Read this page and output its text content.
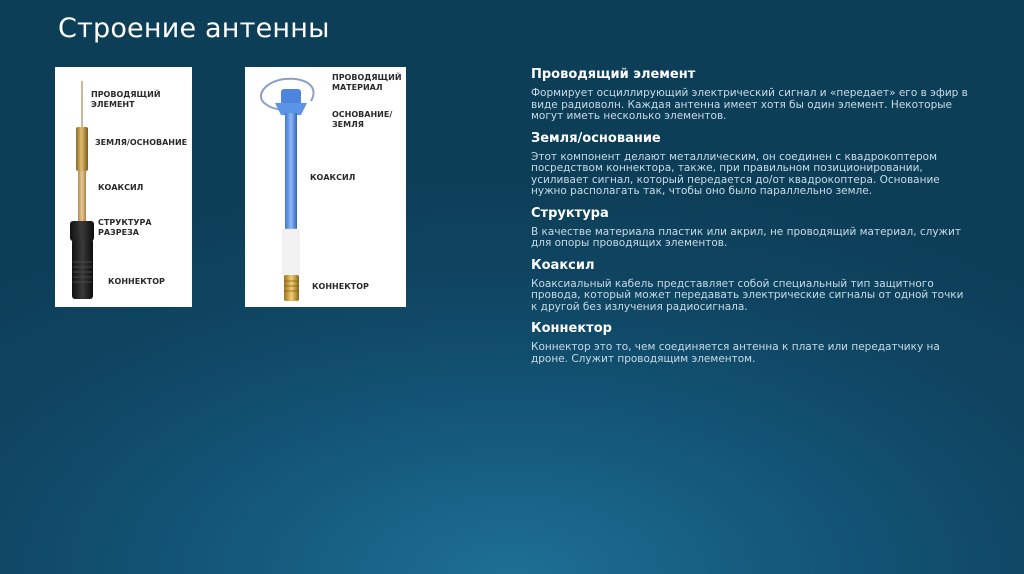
Строение антенны
ПРОВОДЯЩИЙ
ЭЛЕМЕНТ
ЗЕМЛЯ/ОСНОВАНИЕ
КОАКСИЛ
СТРУКТУРА
РАЗРЕЗА
КОННЕКТОР
ПРОВОДЯЩИЙ
МАТЕРИАЛ
ОСНОВАНИЕ/
ЗЕМЛЯ
КОАКСИЛ
КОННЕКТОР
Проводящий элемент

Формирует осциллирующий электрический сигнал и «передает» его в эфир в виде радиоволн. Каждая антенна имеет хотя бы один элемент. Некоторые могут иметь несколько элементов.

Земля/основание

Этот компонент делают металлическим, он соединен с квадрокоптером посредством коннектора, также, при правильном позиционировании, усиливает сигнал, который передается до/от квадрокоптера. Основание нужно располагать так, чтобы оно было параллельно земле.

Структура

В качестве материала пластик или акрил, не проводящий материал, служит для опоры проводящих элементов.

Коаксил

Коаксиальный кабель представляет собой специальный тип защитного провода, который может передавать электрические сигналы от одной точки к другой без излучения радиосигнала.

Коннектор

Коннектор это то, чем соединяется антенна к плате или передатчику на дроне. Служит проводящим элементом.
